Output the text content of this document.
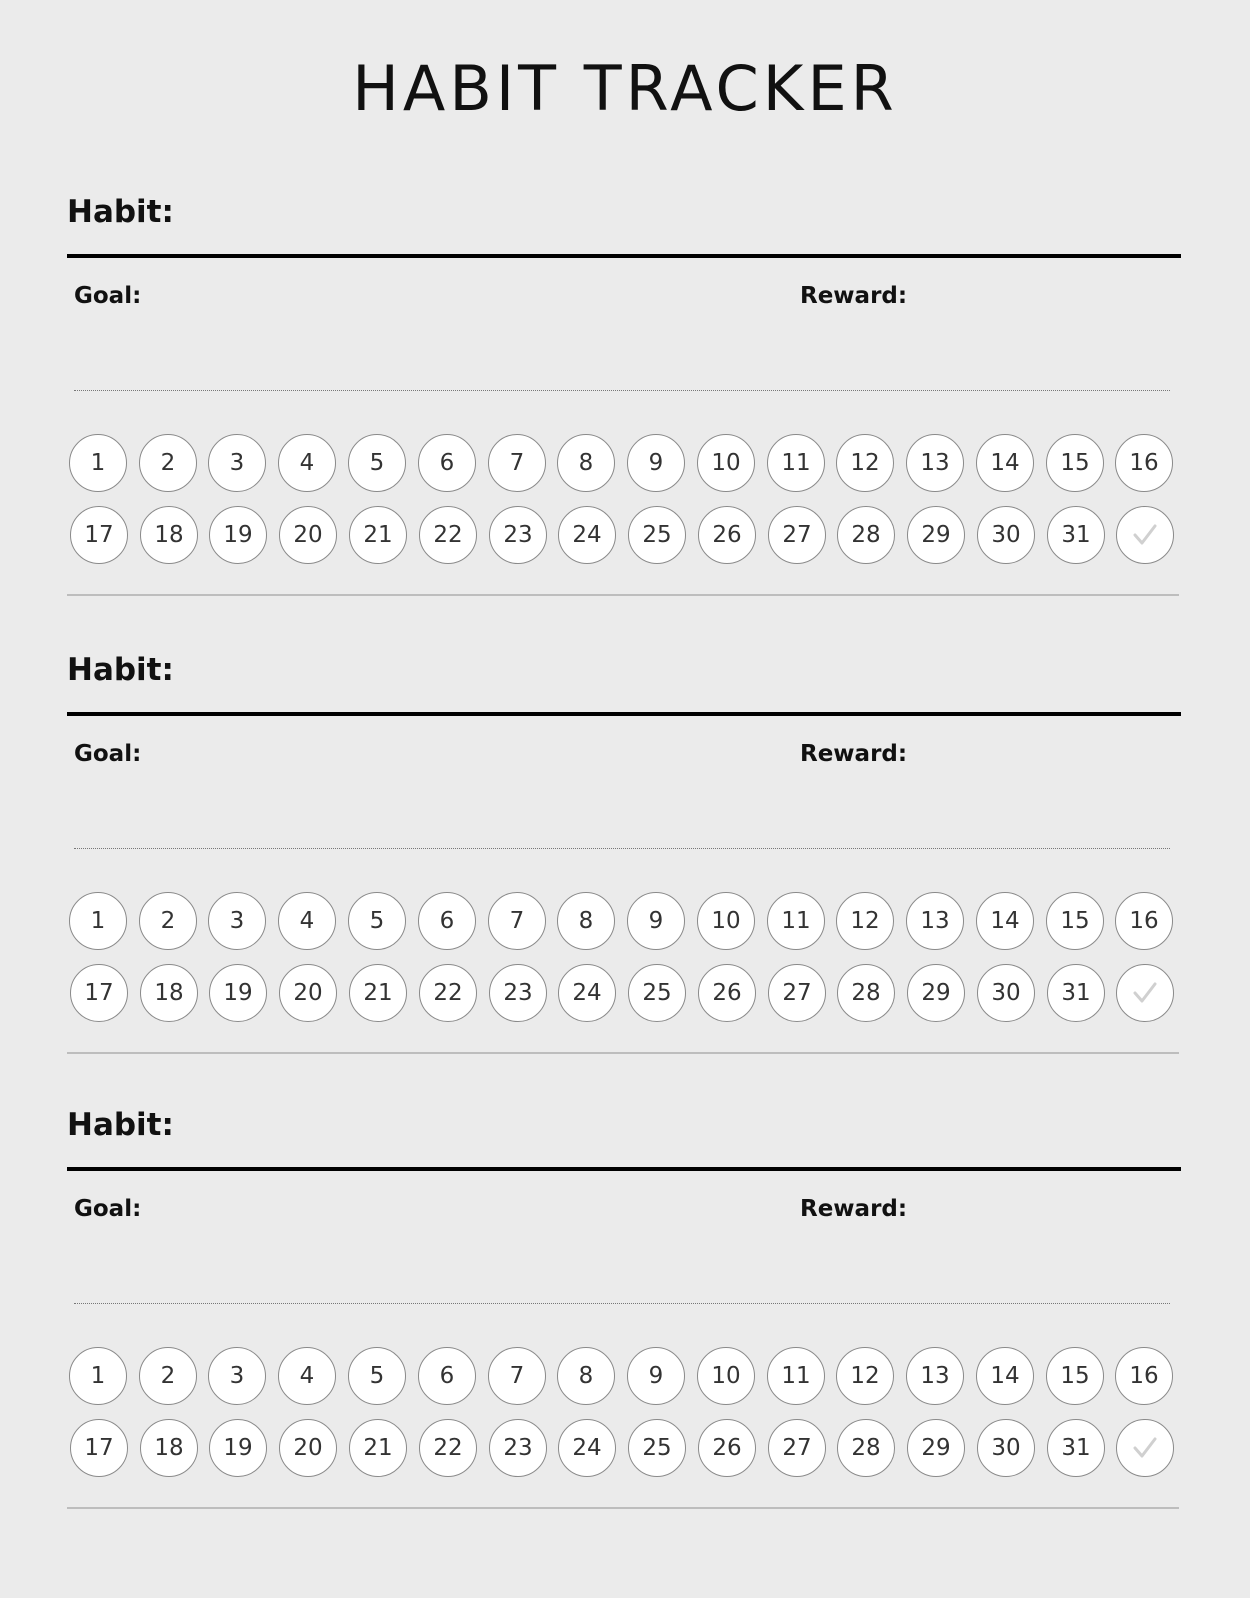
HABIT TRACKER
Habit:
Goal:	Reward:
1	2	3	4	5	6	7	8	9	10	11	12	13	14	15	16
17	18	19	20	21	22	23	24	25	26	27	28	29	30	31
Habit:
Goal:	Reward:
1	2	3	4	5	6	7	8	9	10	11	12	13	14	15	16
17	18	19	20	21	22	23	24	25	26	27	28	29	30	31
Habit:
Goal:	Reward:
1	2	3	4	5	6	7	8	9	10	11	12	13	14	15	16
17	18	19	20	21	22	23	24	25	26	27	28	29	30	31
